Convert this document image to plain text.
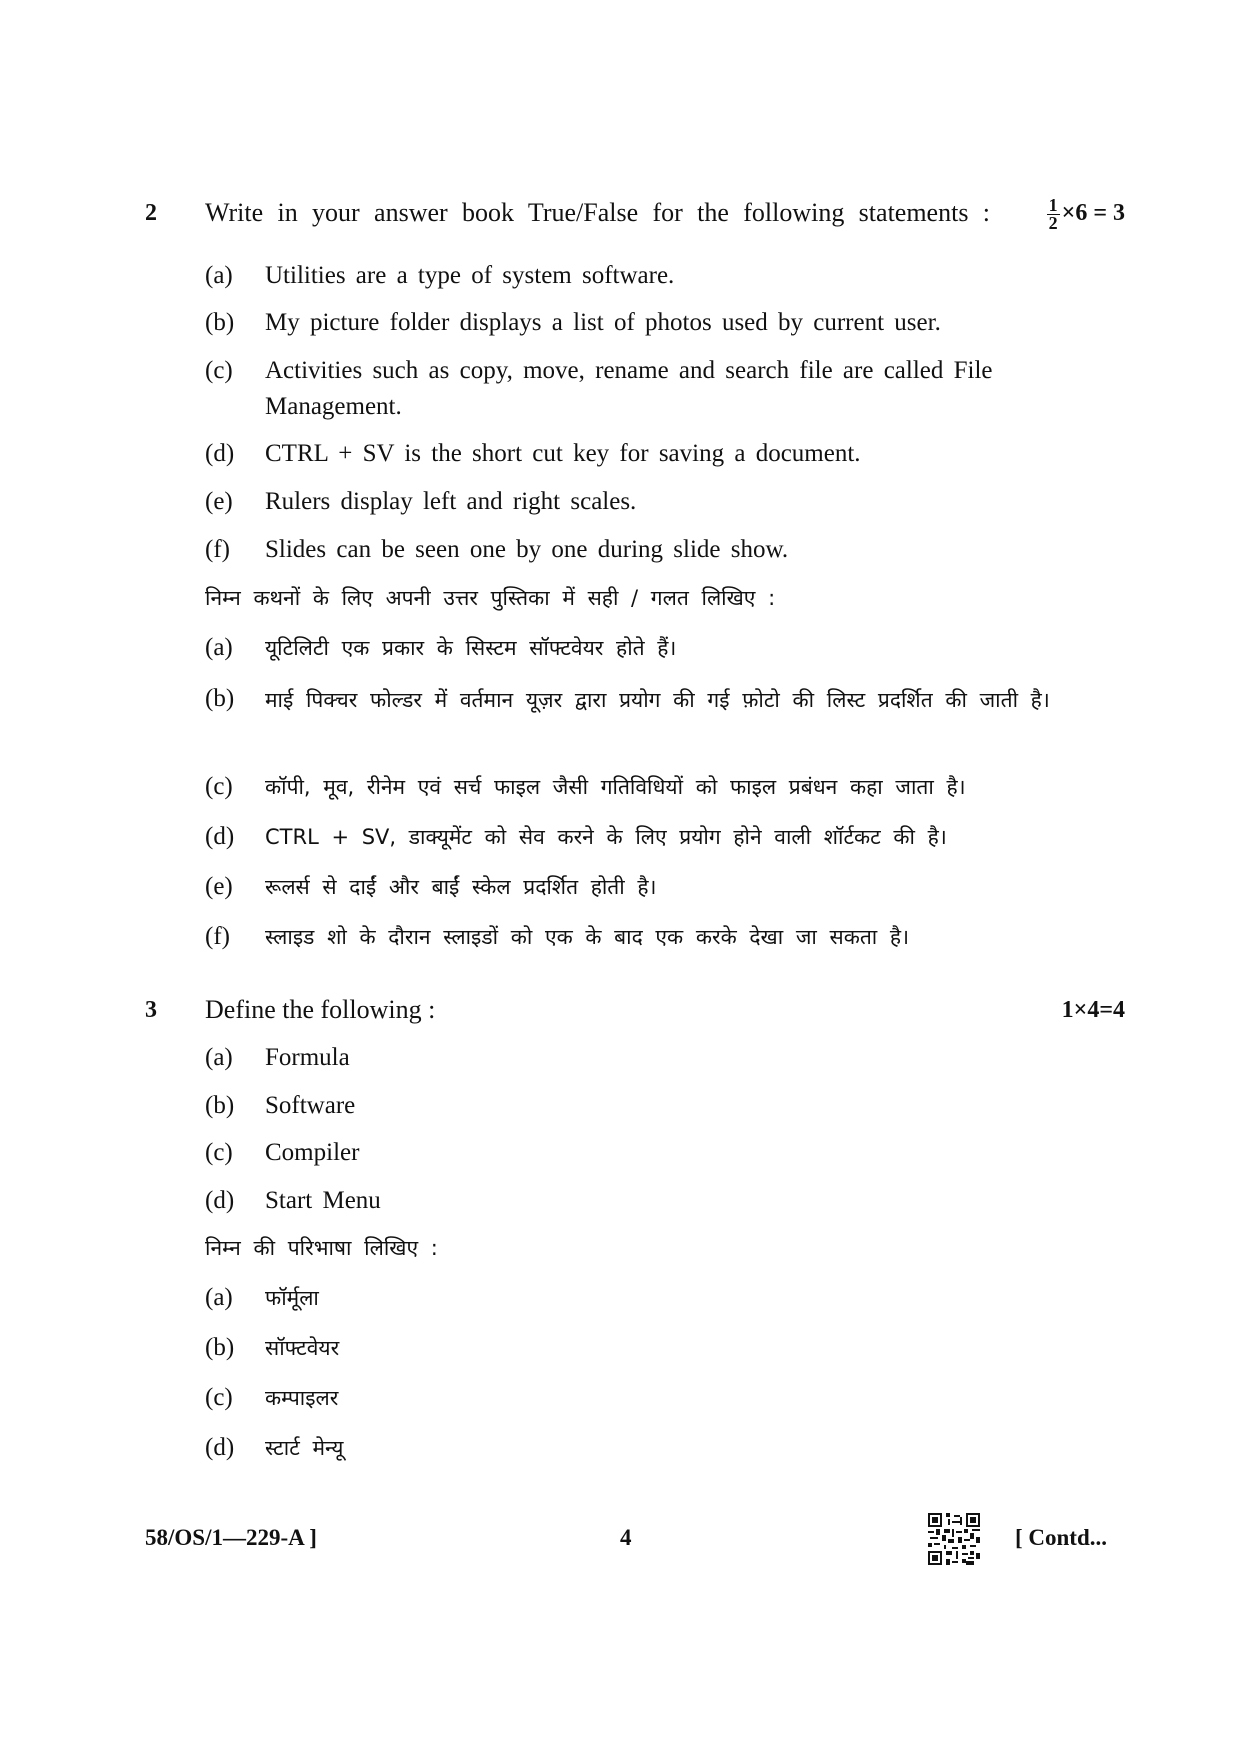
2 Write in your answer book True/False for the following statements :	$\frac{1}{2} \times 6 = 3$
(a)	Utilities are a type of system software.
(b)	My picture folder displays a list of photos used by current user.
(c)	Activities such as copy, move, rename and search file are called File Management.
(d)	CTRL + SV is the short cut key for saving a document.
(e)	Rulers display left and right scales.
(f)	Slides can be seen one by one during slide show.
निम्न कथनों के लिए अपनी उत्तर पुस्तिका में सही / गलत लिखिए :
(a)	यूटिलिटी एक प्रकार के सिस्टम सॉफ्टवेयर होते हैं।
(b)	माई पिक्चर फोल्डर में वर्तमान यूज़र द्वारा प्रयोग की गई फ़ोटो की लिस्ट प्रदर्शित की जाती है।
(c)	कॉपी, मूव, रीनेम एवं सर्च फाइल जैसी गतिविधियों को फाइल प्रबंधन कहा जाता है।
(d)	CTRL + SV, डाक्यूमेंट को सेव करने के लिए प्रयोग होने वाली शॉर्टकट की है।
(e)	रूलर्स से दाईं और बाईं स्केल प्रदर्शित होती है।
(f)	स्लाइड शो के दौरान स्लाइडों को एक के बाद एक करके देखा जा सकता है।
3 Define the following :	1×4=4
(a)	Formula
(b)	Software
(c)	Compiler
(d)	Start Menu
निम्न की परिभाषा लिखिए :
(a)	फॉर्मूला
(b)	सॉफ्टवेयर
(c)	कम्पाइलर
(d)	स्टार्ट मेन्यू
58/OS/1—229-A ]	4	[ Contd...
